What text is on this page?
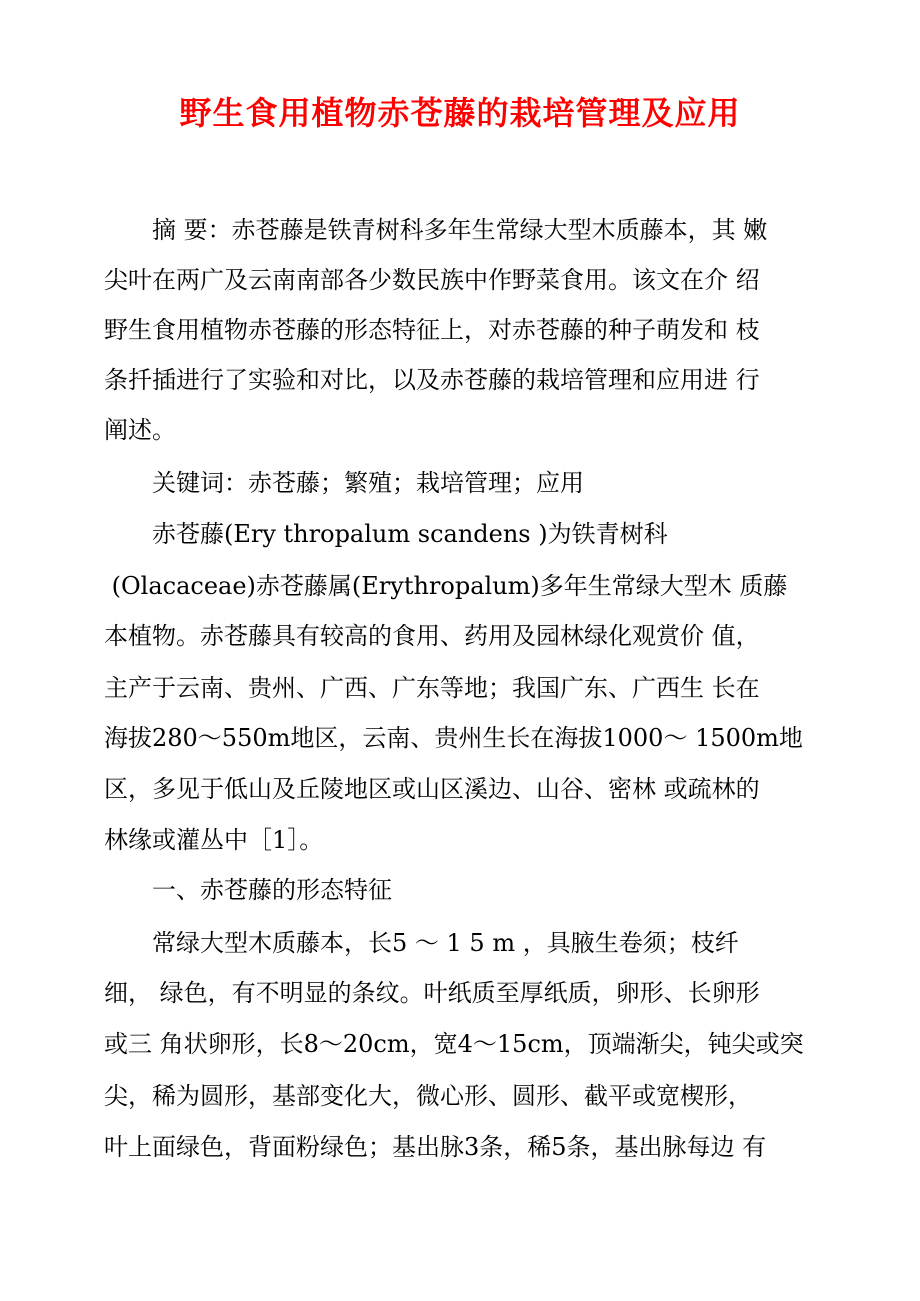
野生食用植物赤苍藤的栽培管理及应用
　　摘 要：赤苍藤是铁青树科多年生常绿大型木质藤本，其 嫩
尖叶在两广及云南南部各少数民族中作野菜食用。该文在介 绍
野生食用植物赤苍藤的形态特征上，对赤苍藤的种子萌发和 枝
条扦插进行了实验和对比，以及赤苍藤的栽培管理和应用进 行
阐述。
　　关键词：赤苍藤；繁殖；栽培管理；应用
　　赤苍藤(Ery thropalum scandens )为铁青树科
(Olacaceae)赤苍藤属(Erythropalum)多年生常绿大型木 质藤
本植物。赤苍藤具有较高的食用、药用及园林绿化观赏价 值，
主产于云南、贵州、广西、广东等地；我国广东、广西生 长在
海拔280～550m地区，云南、贵州生长在海拔1000～ 1500m地
区，多见于低山及丘陵地区或山区溪边、山谷、密林 或疏林的
林缘或灌丛中［1］。
　　一、赤苍藤的形态特征
　　常绿大型木质藤本，长5 ～ 1 5 m ，具腋生卷须；枝纤
细， 绿色，有不明显的条纹。叶纸质至厚纸质，卵形、长卵形
或三 角状卵形，长8～20cm，宽4～15cm，顶端渐尖，钝尖或突
尖，稀为圆形，基部变化大，微心形、圆形、截平或宽楔形，
叶上面绿色，背面粉绿色；基出脉3条，稀5条，基出脉每边 有
